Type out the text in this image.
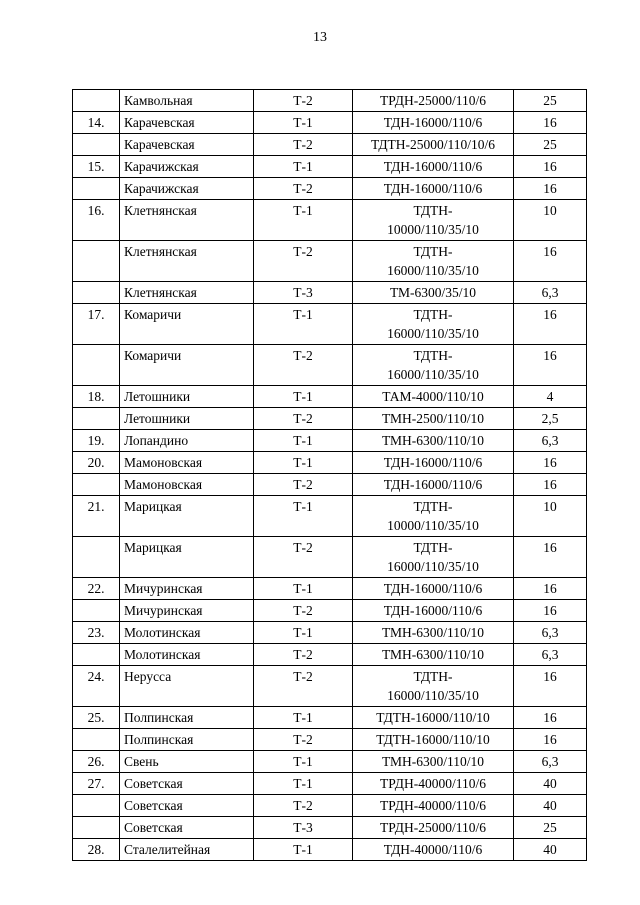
13
	Камвольная	Т-2	ТРДН-25000/110/6	25
14.	Карачевская	Т-1	ТДН-16000/110/6	16
	Карачевская	Т-2	ТДТН-25000/110/10/6	25
15.	Карачижская	Т-1	ТДН-16000/110/6	16
	Карачижская	Т-2	ТДН-16000/110/6	16
16.	Клетнянская	Т-1	ТДТН-
10000/110/35/10	10
	Клетнянская	Т-2	ТДТН-
16000/110/35/10	16
	Клетнянская	Т-3	ТМ-6300/35/10	6,3
17.	Комаричи	Т-1	ТДТН-
16000/110/35/10	16
	Комаричи	Т-2	ТДТН-
16000/110/35/10	16
18.	Летошники	Т-1	ТАМ-4000/110/10	4
	Летошники	Т-2	ТМН-2500/110/10	2,5
19.	Лопандино	Т-1	ТМН-6300/110/10	6,3
20.	Мамоновская	Т-1	ТДН-16000/110/6	16
	Мамоновская	Т-2	ТДН-16000/110/6	16
21.	Марицкая	Т-1	ТДТН-
10000/110/35/10	10
	Марицкая	Т-2	ТДТН-
16000/110/35/10	16
22.	Мичуринская	Т-1	ТДН-16000/110/6	16
	Мичуринская	Т-2	ТДН-16000/110/6	16
23.	Молотинская	Т-1	ТМН-6300/110/10	6,3
	Молотинская	Т-2	ТМН-6300/110/10	6,3
24.	Нерусса	Т-2	ТДТН-
16000/110/35/10	16
25.	Полпинская	Т-1	ТДТН-16000/110/10	16
	Полпинская	Т-2	ТДТН-16000/110/10	16
26.	Свень	Т-1	ТМН-6300/110/10	6,3
27.	Советская	Т-1	ТРДН-40000/110/6	40
	Советская	Т-2	ТРДН-40000/110/6	40
	Советская	Т-3	ТРДН-25000/110/6	25
28.	Сталелитейная	Т-1	ТДН-40000/110/6	40
